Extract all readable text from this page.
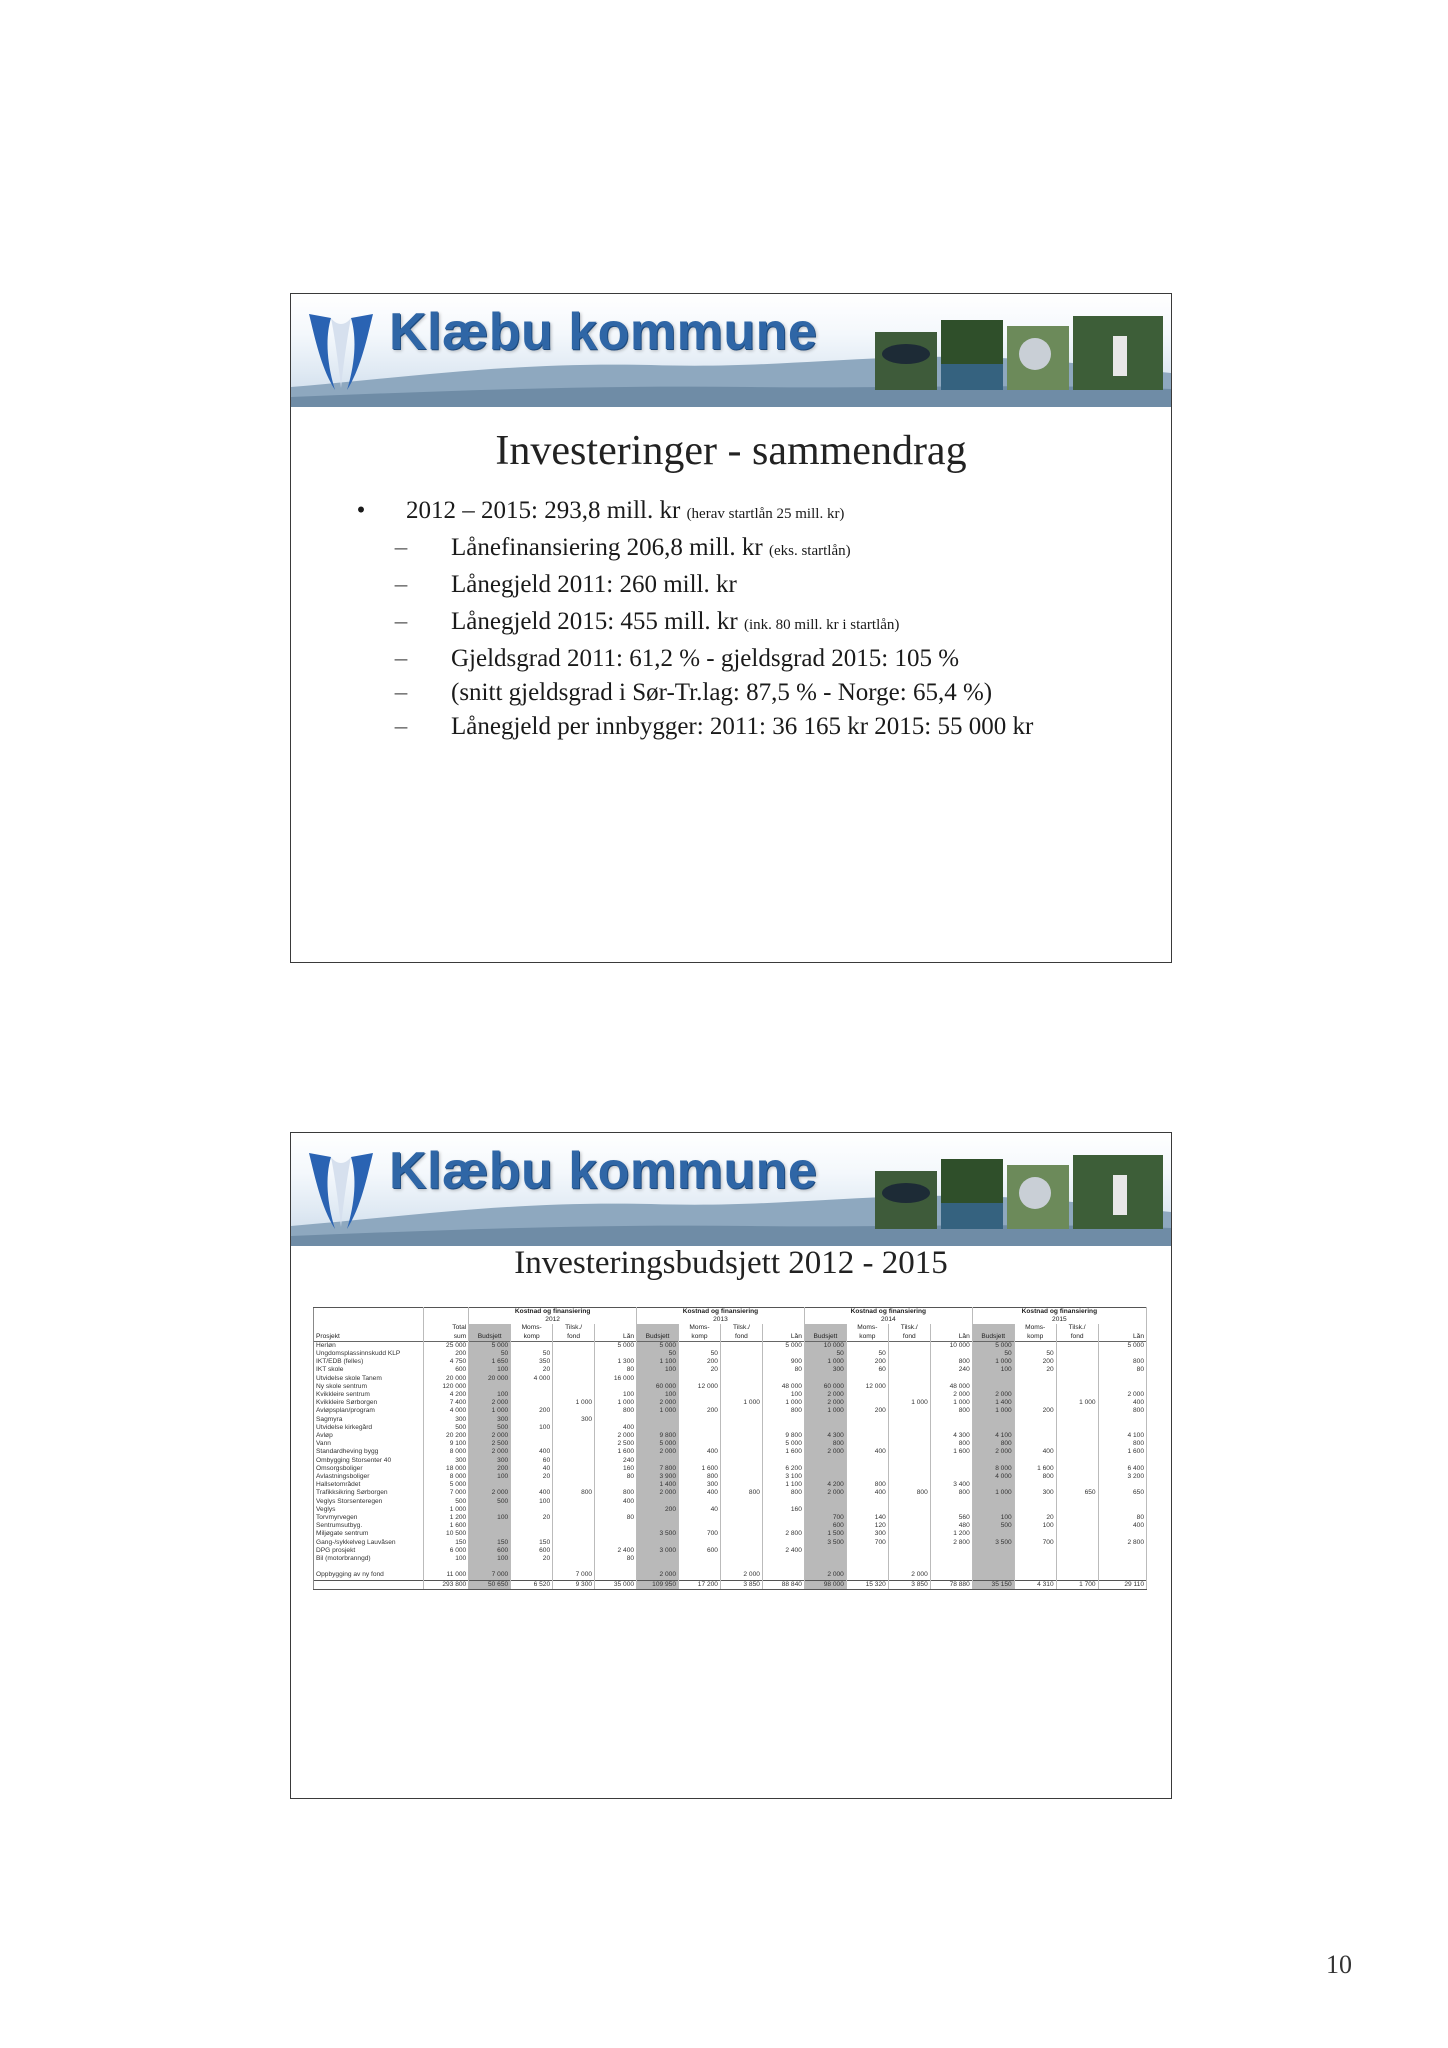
Klæbu kommune
Investeringer - sammendrag
•	2012 – 2015: 293,8 mill. kr (herav startlån 25 mill. kr)
–	Lånefinansiering 206,8 mill. kr (eks. startlån)
–	Lånegjeld 2011: 260 mill. kr
–	Lånegjeld 2015: 455 mill. kr (ink. 80 mill. kr i startlån)
–	Gjeldsgrad 2011: 61,2 % - gjeldsgrad 2015: 105 %
–	(snitt gjeldsgrad i Sør-Tr.lag: 87,5 % - Norge: 65,4 %)
–	Lånegjeld per innbygger: 2011: 36 165 kr 2015: 55 000 kr
Klæbu kommune
Investeringsbudsjett 2012 - 2015
		Kostnad og finansiering				Kostnad og finansiering				Kostnad og finansiering				Kostnad og finansiering			
		2012				2013				2014				2015			
	Total		Moms-	Tilsk./			Moms-	Tilsk./			Moms-	Tilsk./			Moms-	Tilsk./	
Prosjekt	sum	Budsjett	komp	fond	Lån	Budsjett	komp	fond	Lån	Budsjett	komp	fond	Lån	Budsjett	komp	fond	Lån
Herløn	25 000	5 000			5 000	5 000			5 000	10 000			10 000	5 000			5 000
Ungdomsplassinnskudd KLP	200	50	50			50	50			50	50			50	50		
IKT/EDB (felles)	4 750	1 650	350		1 300	1 100	200		900	1 000	200		800	1 000	200		800
IKT skole	600	100	20		80	100	20		80	300	60		240	100	20		80
Utvidelse skole Tanem	20 000	20 000	4 000		16 000												
Ny skole sentrum	120 000					60 000	12 000		48 000	60 000	12 000		48 000				
Kvikkleire sentrum	4 200	100			100	100			100	2 000			2 000	2 000			2 000
Kvikkleire Sørborgen	7 400	2 000		1 000	1 000	2 000		1 000	1 000	2 000		1 000	1 000	1 400		1 000	400
Avløpsplan/program	4 000	1 000	200		800	1 000	200		800	1 000	200		800	1 000	200		800
Sagmyra	300	300		300													
Utvidelse kirkegård	500	500	100		400												
Avløp	20 200	2 000			2 000	9 800			9 800	4 300			4 300	4 100			4 100
Vann	9 100	2 500			2 500	5 000			5 000	800			800	800			800
Standardheving bygg	8 000	2 000	400		1 600	2 000	400		1 600	2 000	400		1 600	2 000	400		1 600
Ombygging Storsenter 40	300	300	60		240												
Omsorgsboliger	18 000	200	40		160	7 800	1 600		6 200					8 000	1 600		6 400
Avlastningsboliger	8 000	100	20		80	3 900	800		3 100					4 000	800		3 200
Hallsetområdet	5 000					1 400	300		1 100	4 200	800		3 400				
Trafikksikring Sørborgen	7 000	2 000	400	800	800	2 000	400	800	800	2 000	400	800	800	1 000	300	650	650
Veglys Storsenteregen	500	500	100		400												
Veglys	1 000					200	40		160								
Torvmyrvegen	1 200	100	20		80					700	140		560	100	20		80
Sentrumsutbyg.	1 600									600	120		480	500	100		400
Miljøgate sentrum	10 500					3 500	700		2 800	1 500	300		1 200				
Gang-/sykkelveg Lauvåsen	150	150	150							3 500	700		2 800	3 500	700		2 800
DPG prosjekt	6 000	600	600		2 400	3 000	600		2 400								
Bil (motorbranngd)	100	100	20		80												

Oppbygging av ny fond	11 000	7 000		7 000		2 000		2 000		2 000		2 000					
	293 800	50 650	6 520	9 300	35 000	109 950	17 200	3 850	88 840	98 000	15 320	3 850	78 880	35 150	4 310	1 700	29 110
10
